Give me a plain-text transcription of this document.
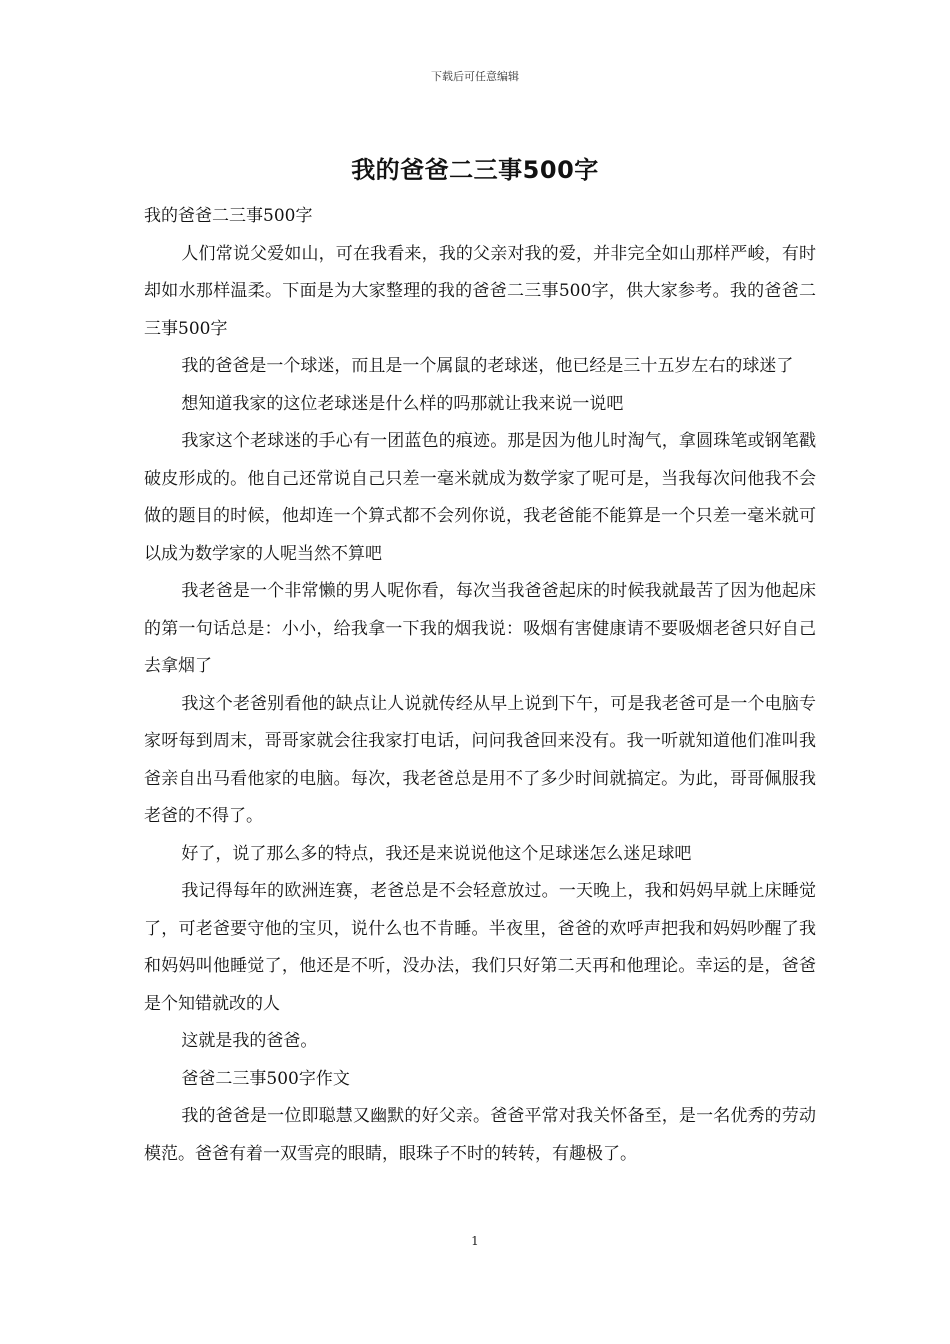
下载后可任意编辑
我的爸爸二三事500字

我的爸爸二三事500字

人们常说父爱如山，可在我看来，我的父亲对我的爱，并非完全如山那样严峻，有时却如水那样温柔。下面是为大家整理的我的爸爸二三事500字，供大家参考。我的爸爸二三事500字

我的爸爸是一个球迷，而且是一个属鼠的老球迷，他已经是三十五岁左右的球迷了

想知道我家的这位老球迷是什么样的吗那就让我来说一说吧

我家这个老球迷的手心有一团蓝色的痕迹。那是因为他儿时淘气，拿圆珠笔或钢笔戳破皮形成的。他自己还常说自己只差一毫米就成为数学家了呢可是，当我每次问他我不会做的题目的时候，他却连一个算式都不会列你说，我老爸能不能算是一个只差一毫米就可以成为数学家的人呢当然不算吧

我老爸是一个非常懒的男人呢你看，每次当我爸爸起床的时候我就最苦了因为他起床的第一句话总是：小小，给我拿一下我的烟我说：吸烟有害健康请不要吸烟老爸只好自己去拿烟了

我这个老爸别看他的缺点让人说就传经从早上说到下午，可是我老爸可是一个电脑专家呀每到周末，哥哥家就会往我家打电话，问问我爸回来没有。我一听就知道他们准叫我爸亲自出马看他家的电脑。每次，我老爸总是用不了多少时间就搞定。为此，哥哥佩服我老爸的不得了。

好了，说了那么多的特点，我还是来说说他这个足球迷怎么迷足球吧

我记得每年的欧洲连赛，老爸总是不会轻意放过。一天晚上，我和妈妈早就上床睡觉了，可老爸要守他的宝贝，说什么也不肯睡。半夜里，爸爸的欢呼声把我和妈妈吵醒了我和妈妈叫他睡觉了，他还是不听，没办法，我们只好第二天再和他理论。幸运的是，爸爸是个知错就改的人

这就是我的爸爸。

爸爸二三事500字作文

我的爸爸是一位即聪慧又幽默的好父亲。爸爸平常对我关怀备至，是一名优秀的劳动模范。爸爸有着一双雪亮的眼睛，眼珠子不时的转转，有趣极了。

1
